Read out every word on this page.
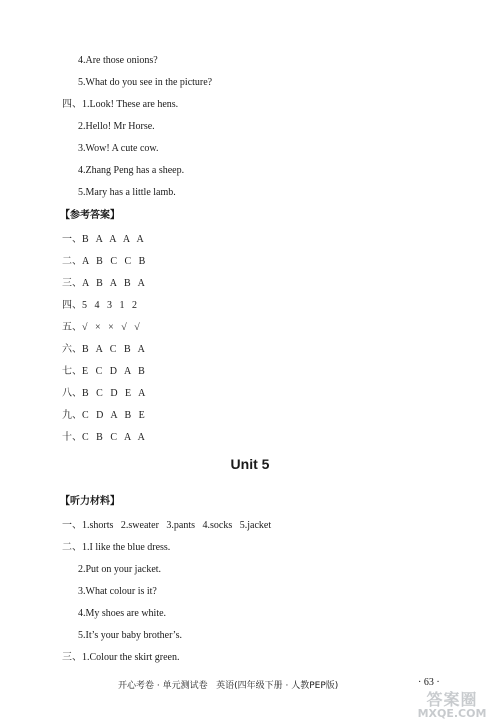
4.Are those onions?
5.What do you see in the picture?
四、1.Look! These are hens.
2.Hello! Mr Horse.
3.Wow! A cute cow.
4.Zhang Peng has a sheep.
5.Mary has a little lamb.
【参考答案】
一、B   A   A   A   A
二、A   B   C   C   B
三、A   B   A   B   A
四、5   4   3   1   2
五、√   ×   ×   √   √
六、B   A   C   B   A
七、E   C   D   A   B
八、B   C   D   E   A
九、C   D   A   B   E
十、C   B   C   A   A
Unit 5
【听力材料】
一、1.shorts   2.sweater   3.pants   4.socks   5.jacket
二、1.I like the blue dress.
2.Put on your jacket.
3.What colour is it?
4.My shoes are white.
5.It’s your baby brother’s.
三、1.Colour the skirt green.
开心考卷 · 单元测试卷   英语(四年级下册 · 人教PEP版)	· 63 ·
答案圈
MXQE.COM
